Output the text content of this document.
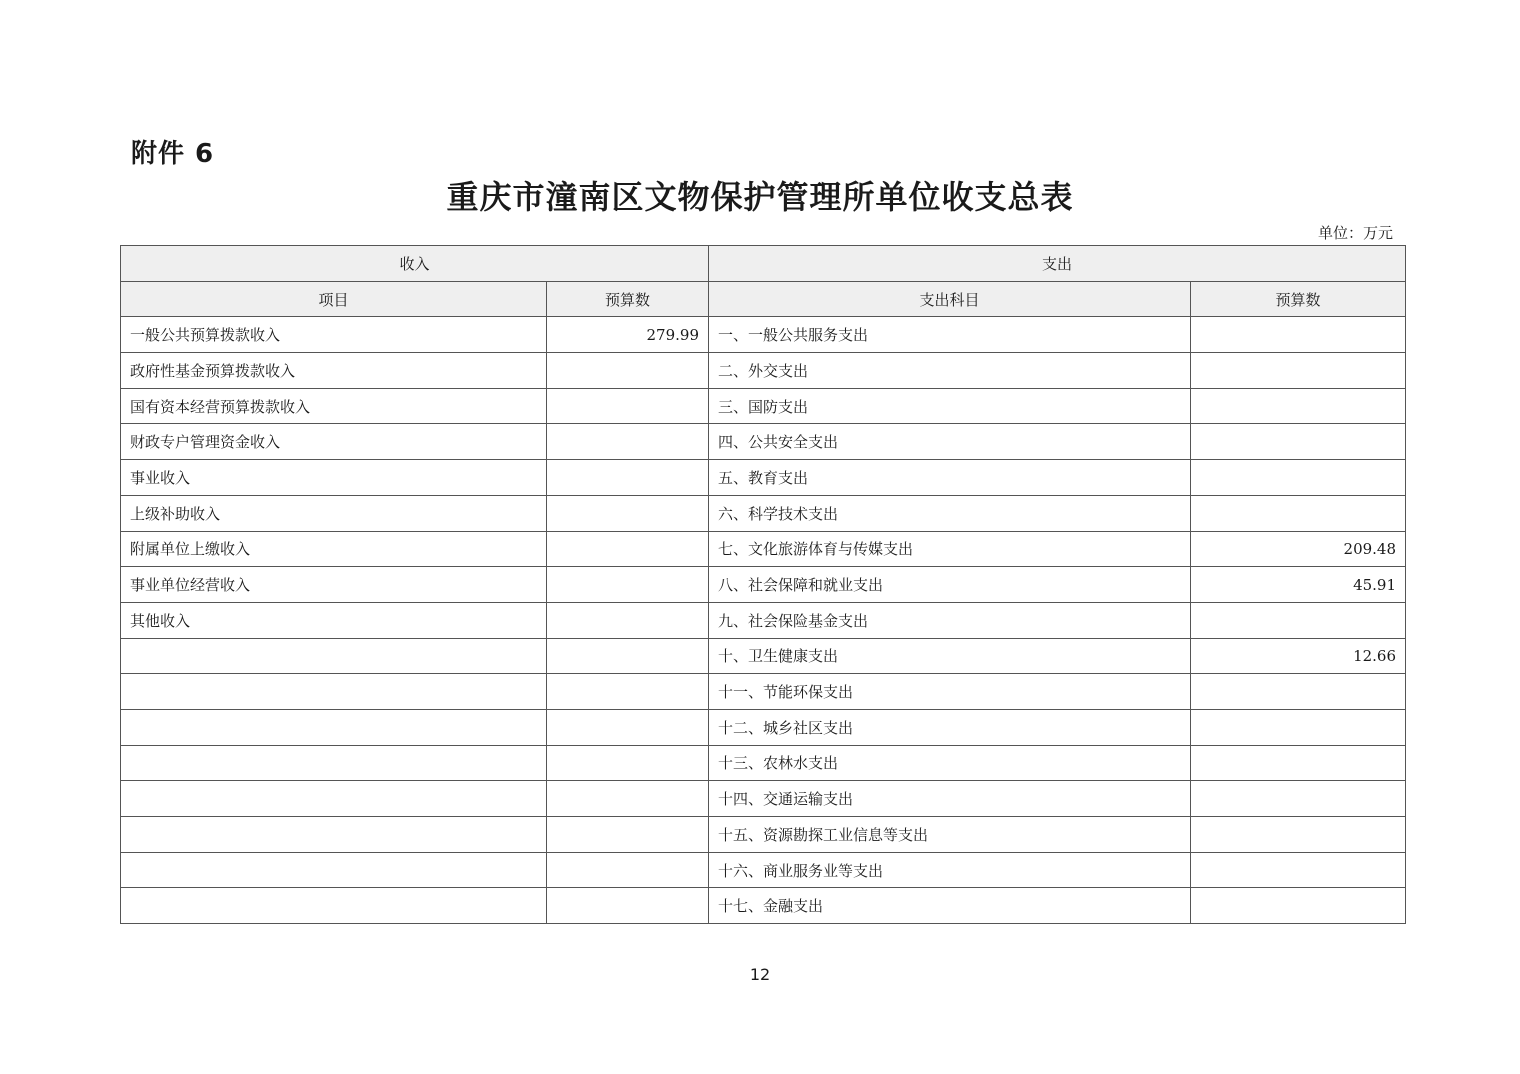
附件 6
重庆市潼南区文物保护管理所单位收支总表
单位：万元
收入		支出	
项目	预算数	支出科目	预算数
一般公共预算拨款收入	279.99	一、一般公共服务支出	
政府性基金预算拨款收入		二、外交支出	
国有资本经营预算拨款收入		三、国防支出	
财政专户管理资金收入		四、公共安全支出	
事业收入		五、教育支出	
上级补助收入		六、科学技术支出	
附属单位上缴收入		七、文化旅游体育与传媒支出	209.48
事业单位经营收入		八、社会保障和就业支出	45.91
其他收入		九、社会保险基金支出	
		十、卫生健康支出	12.66
		十一、节能环保支出	
		十二、城乡社区支出	
		十三、农林水支出	
		十四、交通运输支出	
		十五、资源勘探工业信息等支出	
		十六、商业服务业等支出	
		十七、金融支出	
12
